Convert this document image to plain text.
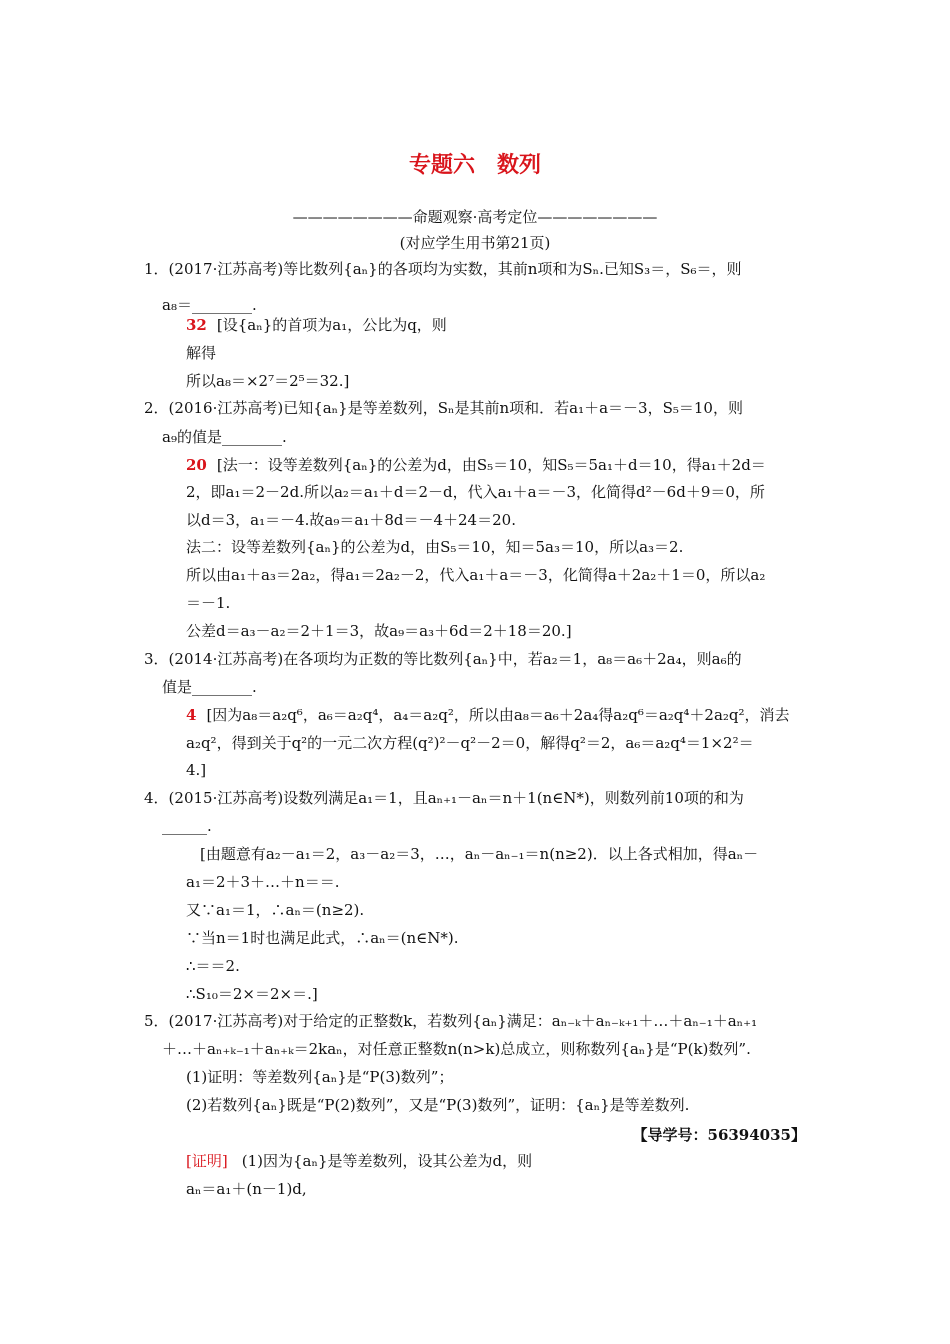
专题六　数列
————————命题观察·高考定位————————
(对应学生用书第21页)
1．(2017·江苏高考)等比数列{aₙ}的各项均为实数，其前n项和为Sₙ.已知S₃＝，S₆＝，则
a₈＝________.
32 [设{aₙ}的首项为a₁，公比为q，则
解得
所以a₈＝×2⁷＝2⁵＝32.]
2．(2016·江苏高考)已知{aₙ}是等差数列，Sₙ是其前n项和．若a₁＋a＝－3，S₅＝10，则
a₉的值是________.
20 [法一：设等差数列{aₙ}的公差为d，由S₅＝10，知S₅＝5a₁＋d＝10，得a₁＋2d＝
2，即a₁＝2－2d.所以a₂＝a₁＋d＝2－d，代入a₁＋a＝－3，化简得d²－6d＋9＝0，所
以d＝3，a₁＝－4.故a₉＝a₁＋8d＝－4＋24＝20.
法二：设等差数列{aₙ}的公差为d，由S₅＝10，知＝5a₃＝10，所以a₃＝2.
所以由a₁＋a₃＝2a₂，得a₁＝2a₂－2，代入a₁＋a＝－3，化简得a＋2a₂＋1＝0，所以a₂
＝－1.
公差d＝a₃－a₂＝2＋1＝3，故a₉＝a₃＋6d＝2＋18＝20.]
3．(2014·江苏高考)在各项均为正数的等比数列{aₙ}中，若a₂＝1，a₈＝a₆＋2a₄，则a₆的
值是________.
4 [因为a₈＝a₂q⁶，a₆＝a₂q⁴，a₄＝a₂q²，所以由a₈＝a₆＋2a₄得a₂q⁶＝a₂q⁴＋2a₂q²，消去
a₂q²，得到关于q²的一元二次方程(q²)²－q²－2＝0，解得q²＝2，a₆＝a₂q⁴＝1×2²＝
4.]
4．(2015·江苏高考)设数列满足a₁＝1，且aₙ₊₁－aₙ＝n＋1(n∈N*)，则数列前10项的和为
______.
[由题意有a₂－a₁＝2，a₃－a₂＝3，…，aₙ－aₙ₋₁＝n(n≥2)．以上各式相加，得aₙ－
a₁＝2＋3＋…＋n＝＝.
又∵a₁＝1，∴aₙ＝(n≥2).
∵当n＝1时也满足此式，∴aₙ＝(n∈N*).
∴＝＝2.
∴S₁₀＝2×＝2×＝.]
5．(2017·江苏高考)对于给定的正整数k，若数列{aₙ}满足：aₙ₋ₖ＋aₙ₋ₖ₊₁＋…＋aₙ₋₁＋aₙ₊₁
＋…＋aₙ₊ₖ₋₁＋aₙ₊ₖ＝2kaₙ，对任意正整数n(n>k)总成立，则称数列{aₙ}是“P(k)数列”.
(1)证明：等差数列{aₙ}是“P(3)数列”；
(2)若数列{aₙ}既是“P(2)数列”，又是“P(3)数列”，证明：{aₙ}是等差数列.
【导学号：56394035】
[证明] (1)因为{aₙ}是等差数列，设其公差为d，则
aₙ＝a₁＋(n－1)d,
